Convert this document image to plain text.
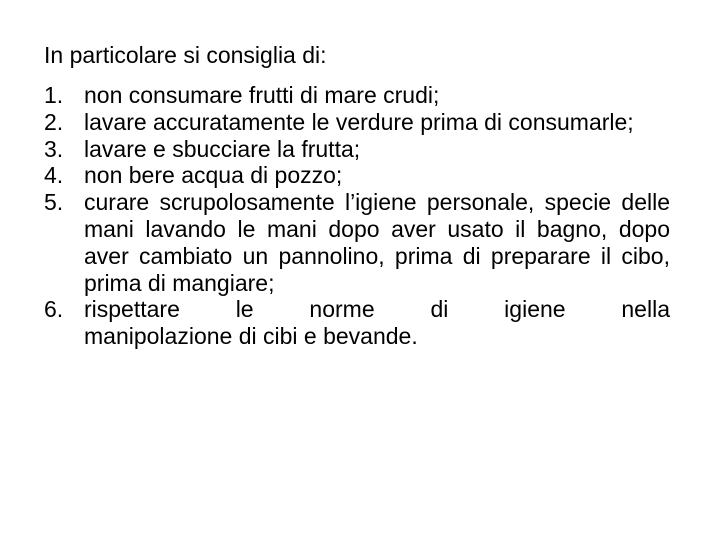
In particolare si consiglia di:

1. non consumare frutti di mare crudi;
2. lavare accuratamente le verdure prima di consumarle;
3. lavare e sbucciare la frutta;
4. non bere acqua di pozzo;
5. curare scrupolosamente l’igiene personale, specie delle mani lavando le mani dopo aver usato il bagno, dopo aver cambiato un pannolino, prima di preparare il cibo, prima di mangiare;
6. rispettare le norme di igiene nella
manipolazione di cibi e bevande.
